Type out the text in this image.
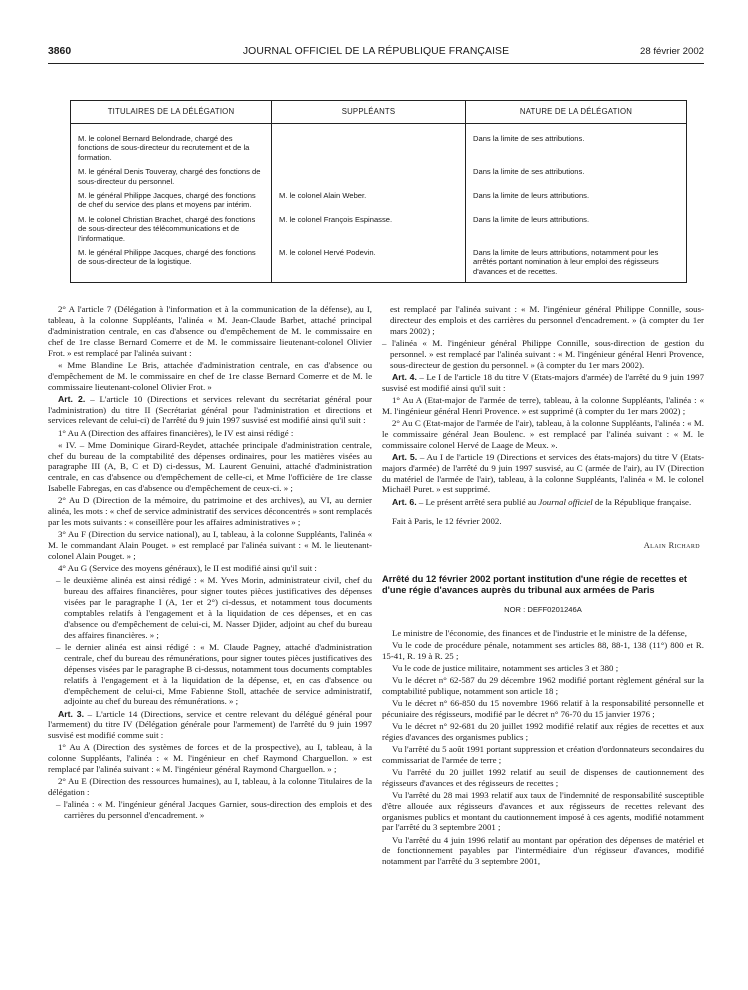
3860	JOURNAL OFFICIEL DE LA RÉPUBLIQUE FRANÇAISE	28 février 2002
TITULAIRES DE LA DÉLÉGATION	SUPPLÉANTS	NATURE DE LA DÉLÉGATION
M. le colonel Bernard Belondrade, chargé des fonctions de sous-directeur du recrutement et de la formation.		Dans la limite de ses attributions.
M. le général Denis Touveray, chargé des fonctions de sous-directeur du personnel.		Dans la limite de ses attributions.
M. le général Philippe Jacques, chargé des fonctions de chef du service des plans et moyens par intérim.	M. le colonel Alain Weber.	Dans la limite de leurs attributions.
M. le colonel Christian Brachet, chargé des fonctions de sous-directeur des télécommunications et de l'informatique.	M. le colonel François Espinasse.	Dans la limite de leurs attributions.
M. le général Philippe Jacques, chargé des fonctions de sous-directeur de la logistique.	M. le colonel Hervé Podevin.	Dans la limite de leurs attributions, notamment pour les arrêtés portant nomination à leur emploi des régisseurs d'avances et de recettes.

2° A l'article 7 (Délégation à l'information et à la communication de la défense), au I, tableau, à la colonne Suppléants, l'alinéa « M. Jean-Claude Barbet, attaché principal d'administration centrale, en cas d'absence ou d'empêchement de M. le commissaire en chef de 1re classe Bernard Comerre et de M. le commissaire lieutenant-colonel Olivier Frot. » est remplacé par l'alinéa suivant :

« Mme Blandine Le Bris, attachée d'administration centrale, en cas d'absence ou d'empêchement de M. le commissaire en chef de 1re classe Bernard Comerre et de M. le commissaire lieutenant-colonel Olivier Frot. »

Art. 2. – L'article 10 (Directions et services relevant du secrétariat général pour l'administration) du titre II (Secrétariat général pour l'administration et directions et services relevant de celui-ci) de l'arrêté du 9 juin 1997 susvisé est modifié ainsi qu'il suit :

1° Au A (Direction des affaires financières), le IV est ainsi rédigé :

« IV. – Mme Dominique Girard-Reydet, attachée principale d'administration centrale, chef du bureau de la comptabilité des dépenses ordinaires, pour les matières visées au paragraphe III (A, B, C et D) ci-dessus, M. Laurent Genuini, attaché d'administration centrale, en cas d'absence ou d'empêchement de celle-ci, et Mme l'officière de 1re classe Isabelle Fabregas, en cas d'absence ou d'empêchement de ceux-ci. » ;

2° Au D (Direction de la mémoire, du patrimoine et des archives), au VI, au dernier alinéa, les mots : « chef de service administratif des services déconcentrés » sont remplacés par les mots suivants : « conseillère pour les affaires administratives » ;

3° Au F (Direction du service national), au I, tableau, à la colonne Suppléants, l'alinéa « M. le commandant Alain Pouget. » est remplacé par l'alinéa suivant : « M. le lieutenant-colonel Alain Pouget. » ;

4° Au G (Service des moyens généraux), le II est modifié ainsi qu'il suit :

– le deuxième alinéa est ainsi rédigé : « M. Yves Morin, administrateur civil, chef du bureau des affaires financières, pour signer toutes pièces justificatives des dépenses visées par le paragraphe I (A, 1er et 2°) ci-dessus, et notamment tous documents comptables relatifs à l'engagement et à la liquidation de ces dépenses, et en cas d'absence ou d'empêchement de celui-ci, M. Nasser Djider, adjoint au chef du bureau des affaires financières. » ;

– le dernier alinéa est ainsi rédigé : « M. Claude Pagney, attaché d'administration centrale, chef du bureau des rémunérations, pour signer toutes pièces justificatives des dépenses visées par le paragraphe B ci-dessus, notamment tous documents comptables relatifs à l'engagement et à la liquidation de la dépense, et, en cas d'absence ou d'empêchement de celui-ci, Mme Fabienne Stoll, attachée de service administratif, adjointe au chef du bureau des rémunérations. » ;

Art. 3. – L'article 14 (Directions, service et centre relevant du délégué général pour l'armement) du titre IV (Délégation générale pour l'armement) de l'arrêté du 9 juin 1997 susvisé est modifié comme suit :

1° Au A (Direction des systèmes de forces et de la prospective), au I, tableau, à la colonne Suppléants, l'alinéa : « M. l'ingénieur en chef Raymond Charguellon. » est remplacé par l'alinéa suivant : « M. l'ingénieur général Raymond Charguellon. » ;

2° Au E (Direction des ressources humaines), au I, tableau, à la colonne Titulaires de la délégation :

– l'alinéa : « M. l'ingénieur général Jacques Garnier, sous-direction des emplois et des carrières du personnel d'encadrement. »

est remplacé par l'alinéa suivant : « M. l'ingénieur général Philippe Connille, sous-directeur des emplois et des carrières du personnel d'encadrement. » (à compter du 1er mars 2002) ;

– l'alinéa « M. l'ingénieur général Philippe Connille, sous-direction de gestion du personnel. » est remplacé par l'alinéa suivant : « M. l'ingénieur général Henri Provence, sous-directeur de gestion du personnel. » (à compter du 1er mars 2002).

Art. 4. – Le I de l'article 18 du titre V (Etats-majors d'armée) de l'arrêté du 9 juin 1997 susvisé est modifié ainsi qu'il suit :

1° Au A (Etat-major de l'armée de terre), tableau, à la colonne Suppléants, l'alinéa : « M. l'ingénieur général Henri Provence. » est supprimé (à compter du 1er mars 2002) ;

2° Au C (Etat-major de l'armée de l'air), tableau, à la colonne Suppléants, l'alinéa : « M. le commissaire général Jean Boulenc. » est remplacé par l'alinéa suivant : « M. le commissaire colonel Hervé de Laage de Meux. ».

Art. 5. – Au I de l'article 19 (Directions et services des états-majors) du titre V (Etats-majors d'armée) de l'arrêté du 9 juin 1997 susvisé, au C (armée de l'air), au IV (Direction du matériel de l'armée de l'air), tableau, à la colonne Suppléants, l'alinéa « M. le colonel Michaël Puret. » est supprimé.

Art. 6. – Le présent arrêté sera publié au Journal officiel de la République française.

Fait à Paris, le 12 février 2002.

Alain Richard

Arrêté du 12 février 2002 portant institution d'une régie de recettes et d'une régie d'avances auprès du tribunal aux armées de Paris

NOR : DEFF0201246A

Le ministre de l'économie, des finances et de l'industrie et le ministre de la défense,

Vu le code de procédure pénale, notamment ses articles 88, 88-1, 138 (11°) 800 et R. 15-41, R. 19 à R. 25 ;

Vu le code de justice militaire, notamment ses articles 3 et 380 ;

Vu le décret n° 62-587 du 29 décembre 1962 modifié portant règlement général sur la comptabilité publique, notamment son article 18 ;

Vu le décret n° 66-850 du 15 novembre 1966 relatif à la responsabilité personnelle et pécuniaire des régisseurs, modifié par le décret n° 76-70 du 15 janvier 1976 ;

Vu le décret n° 92-681 du 20 juillet 1992 modifié relatif aux régies de recettes et aux régies d'avances des organismes publics ;

Vu l'arrêté du 5 août 1991 portant suppression et création d'ordonnateurs secondaires du commissariat de l'armée de terre ;

Vu l'arrêté du 20 juillet 1992 relatif au seuil de dispenses de cautionnement des régisseurs d'avances et des régisseurs de recettes ;

Vu l'arrêté du 28 mai 1993 relatif aux taux de l'indemnité de responsabilité susceptible d'être allouée aux régisseurs d'avances et aux régisseurs de recettes relevant des organismes publics et montant du cautionnement imposé à ces agents, modifié notamment par l'arrêté du 3 septembre 2001 ;

Vu l'arrêté du 4 juin 1996 relatif au montant par opération des dépenses de matériel et de fonctionnement payables par l'intermédiaire d'un régisseur d'avances, modifié notamment par l'arrêté du 3 septembre 2001,
